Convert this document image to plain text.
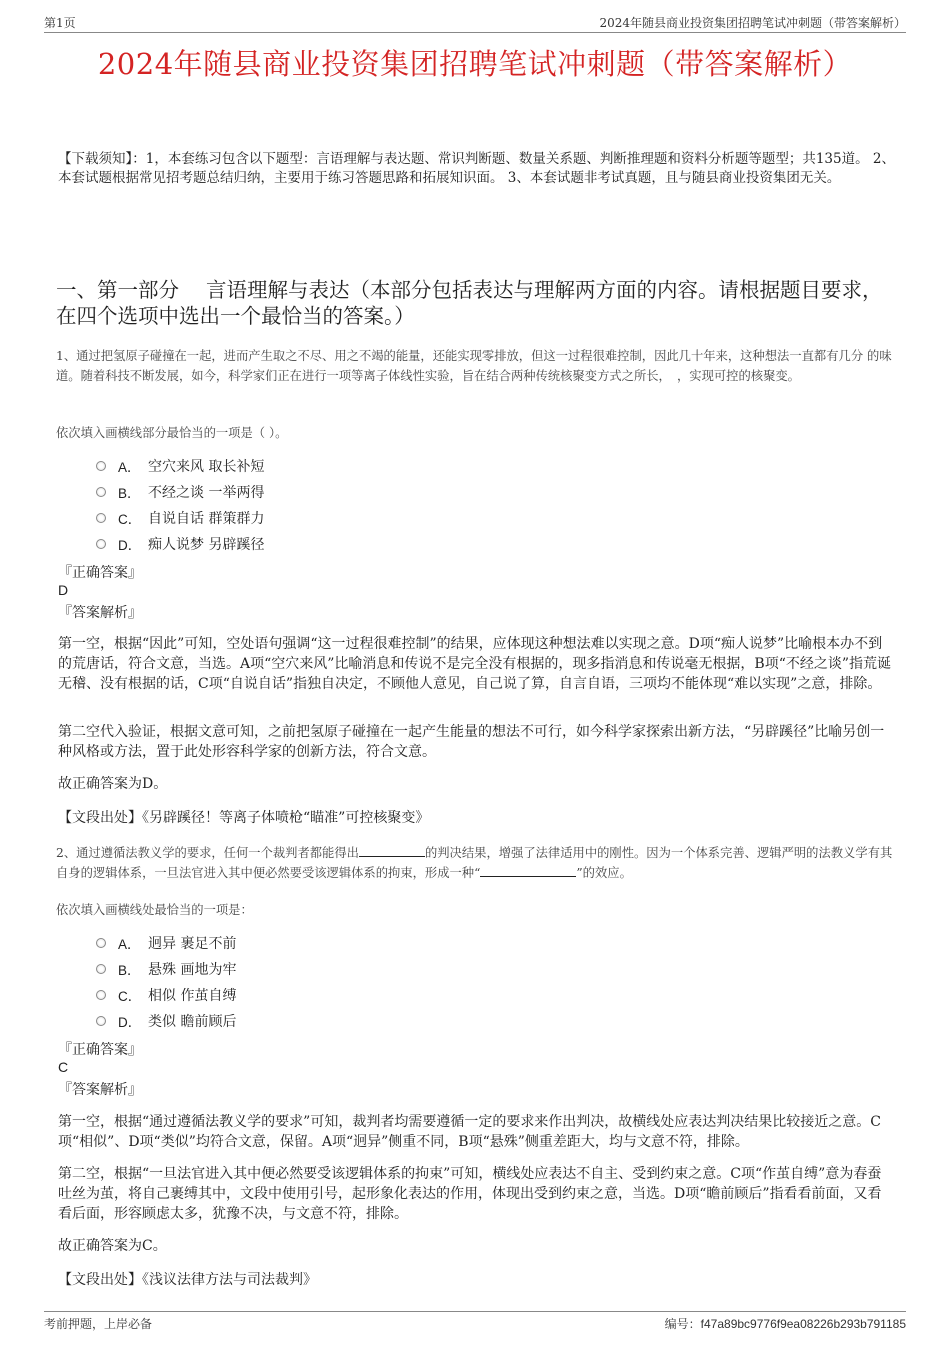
第1页	2024年随县商业投资集团招聘笔试冲刺题（带答案解析）
2024年随县商业投资集团招聘笔试冲刺题（带答案解析）

【下载须知】：1，本套练习包含以下题型：言语理解与表达题、常识判断题、数量关系题、判断推理题和资料分析题等题型；共135道。 2、本套试题根据常见招考题总结归纳，主要用于练习答题思路和拓展知识面。 3、本套试题非考试真题，且与随县商业投资集团无关。

一、第一部分　 言语理解与表达（本部分包括表达与理解两方面的内容。请根据题目要求，在四个选项中选出一个最恰当的答案。）

1、通过把氢原子碰撞在一起，进而产生取之不尽、用之不竭的能量，还能实现零排放，但这一过程很难控制，因此几十年来，这种想法一直都有几分 的味道。随着科技不断发展，如今，科学家们正在进行一项等离子体线性实验，旨在结合两种传统核聚变方式之所长，　，实现可控的核聚变。

依次填入画横线部分最恰当的一项是（ ）。

A． 空穴来风 取长补短
B． 不经之谈 一举两得
C． 自说自话 群策群力
D． 痴人说梦 另辟蹊径

『正确答案』

D

『答案解析』

第一空，根据“因此”可知，空处语句强调“这一过程很难控制”的结果，应体现这种想法难以实现之意。D项“痴人说梦”比喻根本办不到的荒唐话，符合文意，当选。A项“空穴来风”比喻消息和传说不是完全没有根据的，现多指消息和传说毫无根据，B项“不经之谈”指荒诞无稽、没有根据的话，C项“自说自话”指独自决定，不顾他人意见，自己说了算，自言自语，三项均不能体现“难以实现”之意，排除。

第二空代入验证，根据文意可知，之前把氢原子碰撞在一起产生能量的想法不可行，如今科学家探索出新方法，“另辟蹊径”比喻另创一种风格或方法，置于此处形容科学家的创新方法，符合文意。

故正确答案为D。

【文段出处】《另辟蹊径！等离子体喷枪“瞄准”可控核聚变》

2、通过遵循法教义学的要求，任何一个裁判者都能得出	的判决结果，增强了法律适用中的刚性。因为一个体系完善、逻辑严明的法教义学有其自身的逻辑体系，一旦法官进入其中便必然要受该逻辑体系的拘束，形成一种“	”的效应。

依次填入画横线处最恰当的一项是：

A． 迥异 裹足不前
B． 悬殊 画地为牢
C． 相似 作茧自缚
D． 类似 瞻前顾后

『正确答案』

C

『答案解析』

第一空，根据“通过遵循法教义学的要求”可知，裁判者均需要遵循一定的要求来作出判决，故横线处应表达判决结果比较接近之意。C项“相似”、D项“类似”均符合文意，保留。A项“迥异”侧重不同，B项“悬殊”侧重差距大，均与文意不符，排除。

第二空，根据“一旦法官进入其中便必然要受该逻辑体系的拘束”可知，横线处应表达不自主、受到约束之意。C项“作茧自缚”意为春蚕吐丝为茧，将自己裹缚其中，文段中使用引号，起形象化表达的作用，体现出受到约束之意，当选。D项“瞻前顾后”指看看前面，又看看后面，形容顾虑太多，犹豫不决，与文意不符，排除。

故正确答案为C。

【文段出处】《浅议法律方法与司法裁判》

考前押题，上岸必备	编号：f47a89bc9776f9ea08226b293b791185
